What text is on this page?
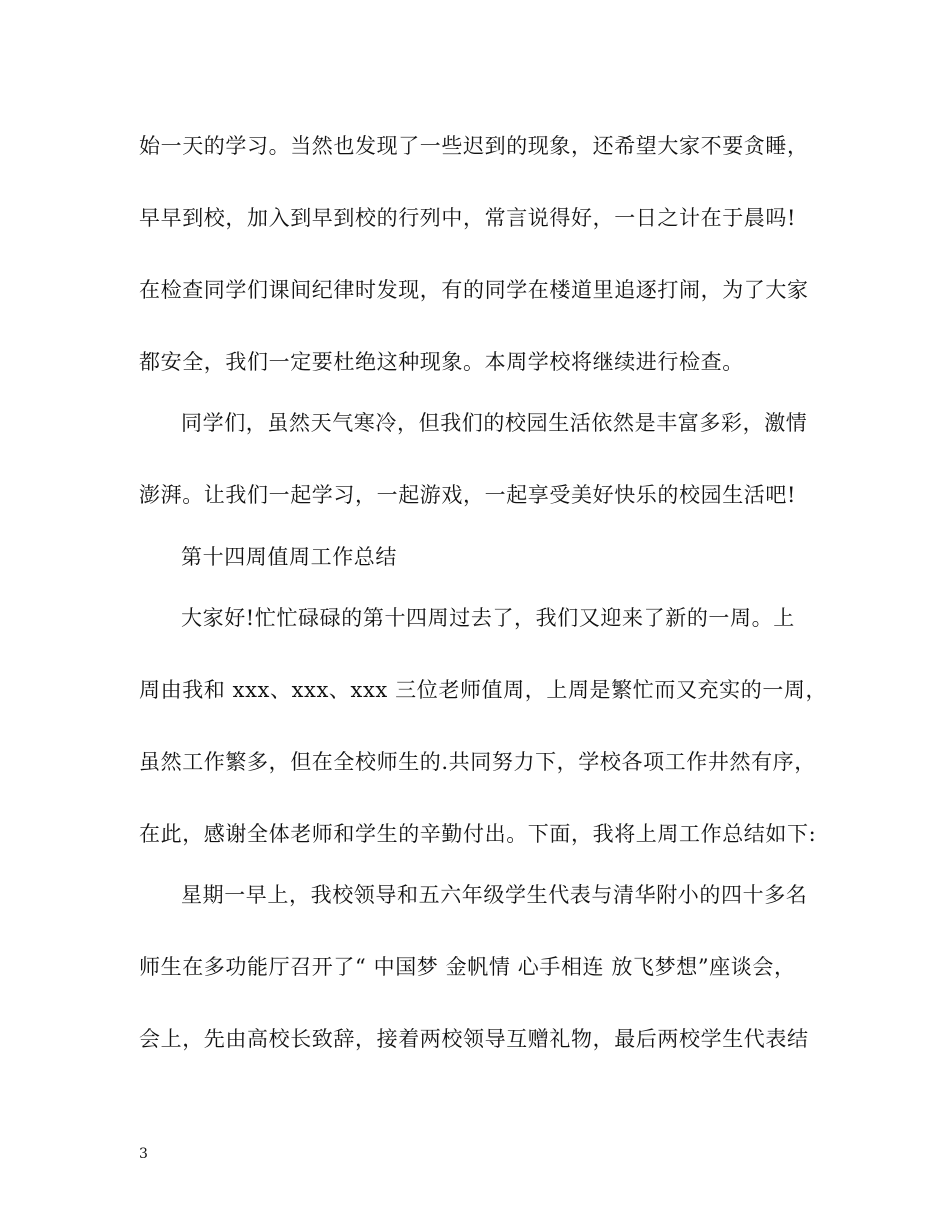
始一天的学习。当然也发现了一些迟到的现象，还希望大家不要贪睡，
早早到校，加入到早到校的行列中，常言说得好，一日之计在于晨吗!
在检查同学们课间纪律时发现，有的同学在楼道里追逐打闹，为了大家
都安全，我们一定要杜绝这种现象。本周学校将继续进行检查。
同学们，虽然天气寒冷，但我们的校园生活依然是丰富多彩，激情
澎湃。让我们一起学习，一起游戏，一起享受美好快乐的校园生活吧!
第十四周值周工作总结
大家好!忙忙碌碌的第十四周过去了，我们又迎来了新的一周。上
周由我和 xxx、xxx、xxx 三位老师值周，上周是繁忙而又充实的一周，
虽然工作繁多，但在全校师生的.共同努力下，学校各项工作井然有序，
在此，感谢全体老师和学生的辛勤付出。下面，我将上周工作总结如下:
星期一早上，我校领导和五六年级学生代表与清华附小的四十多名
师生在多功能厅召开了“ 中国梦 金帆情 心手相连 放飞梦想”座谈会，
会上，先由高校长致辞，接着两校领导互赠礼物，最后两校学生代表结
3
